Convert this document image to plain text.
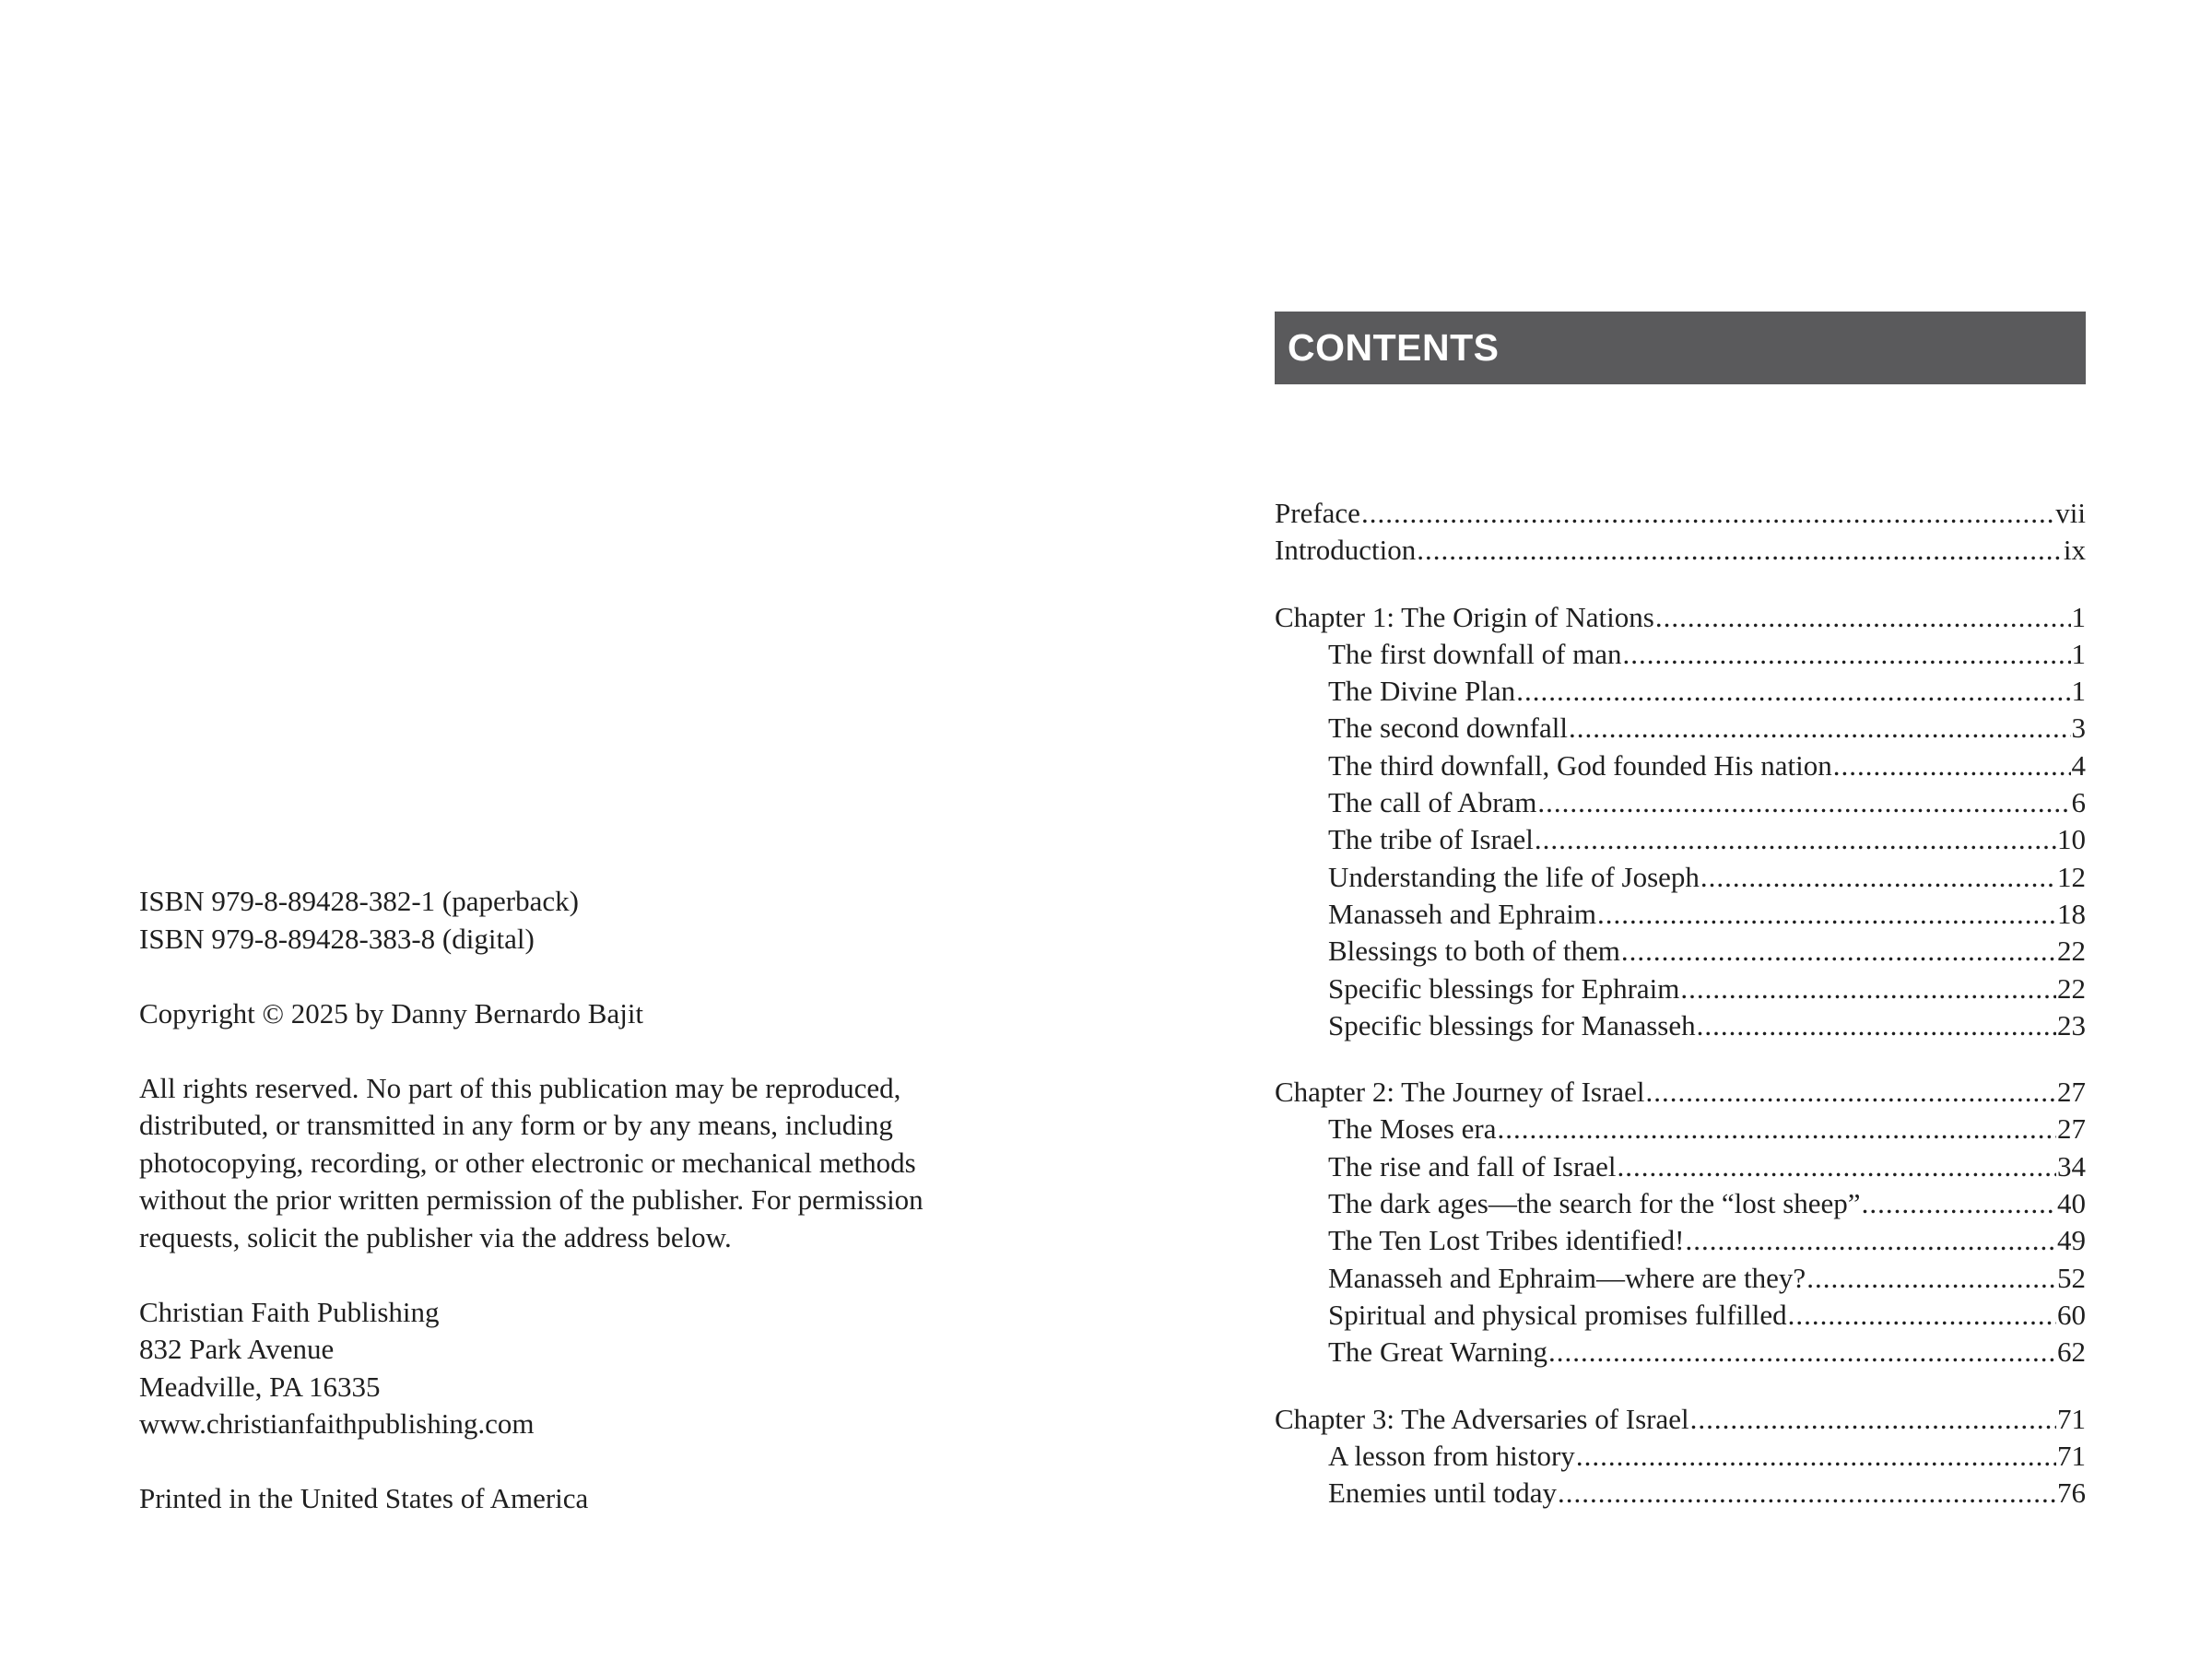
ISBN 979-8-89428-382-1 (paperback)
ISBN 979-8-89428-383-8 (digital)

Copyright © 2025 by Danny Bernardo Bajit

All rights reserved. No part of this publication may be reproduced,
distributed, or transmitted in any form or by any means, including
photocopying, recording, or other electronic or mechanical methods
without the prior written permission of the publisher. For permission
requests, solicit the publisher via the address below.

Christian Faith Publishing
832 Park Avenue
Meadville, PA 16335
www.christianfaithpublishing.com

Printed in the United States of America

CONTENTS
Preface .....	vii
Introduction .....	ix
Chapter 1: The Origin of Nations .....	1
The first downfall of man .....	1
The Divine Plan .....	1
The second downfall .....	3
The third downfall, God founded His nation .....	4
The call of Abram .....	6
The tribe of Israel .....	10
Understanding the life of Joseph .....	12
Manasseh and Ephraim .....	18
Blessings to both of them .....	22
Specific blessings for Ephraim .....	22
Specific blessings for Manasseh .....	23
Chapter 2: The Journey of Israel .....	27
The Moses era .....	27
The rise and fall of Israel .....	34
The dark ages—the search for the “lost sheep” .....	40
The Ten Lost Tribes identified! .....	49
Manasseh and Ephraim—where are they? .....	52
Spiritual and physical promises fulfilled .....	60
The Great Warning .....	62
Chapter 3: The Adversaries of Israel .....	71
A lesson from history .....	71
Enemies until today .....	76
